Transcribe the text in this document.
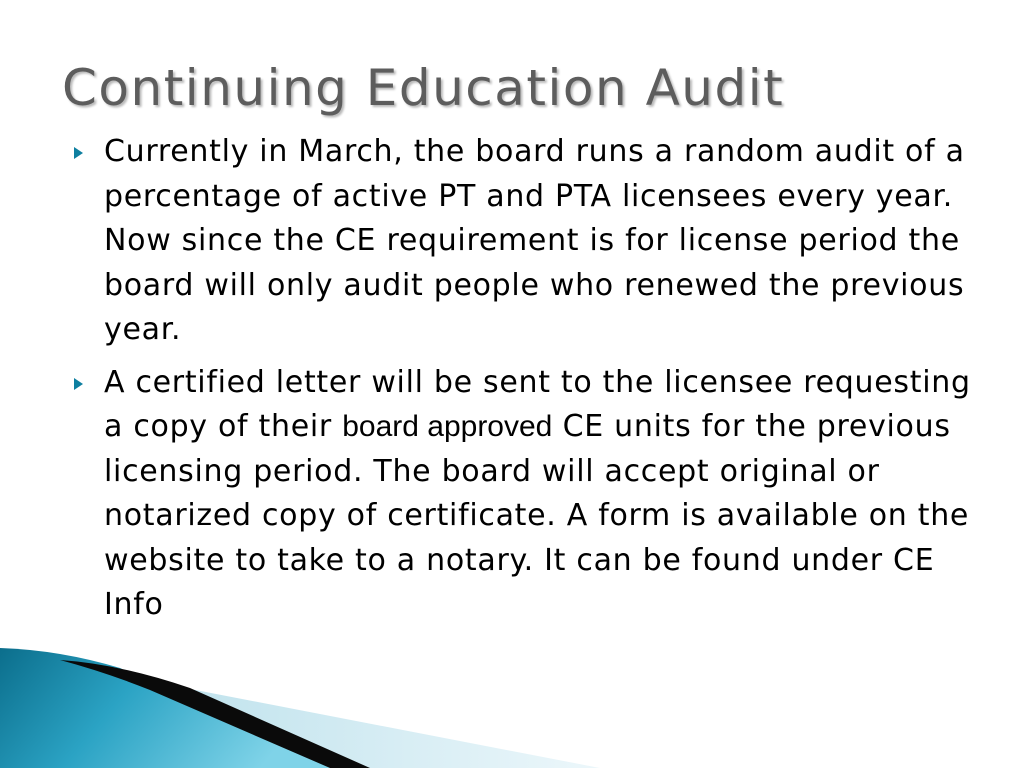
Continuing Education Audit
Currently in March, the board runs a random audit of a percentage of active PT and PTA licensees every year. Now since the CE requirement is for license period the board will only audit people who renewed the previous year.
A certified letter will be sent to the licensee requesting a copy of their board approved CE units for the previous licensing period. The board will accept original or notarized copy of certificate. A form is available on the website to take to a notary. It can be found under CE Info
